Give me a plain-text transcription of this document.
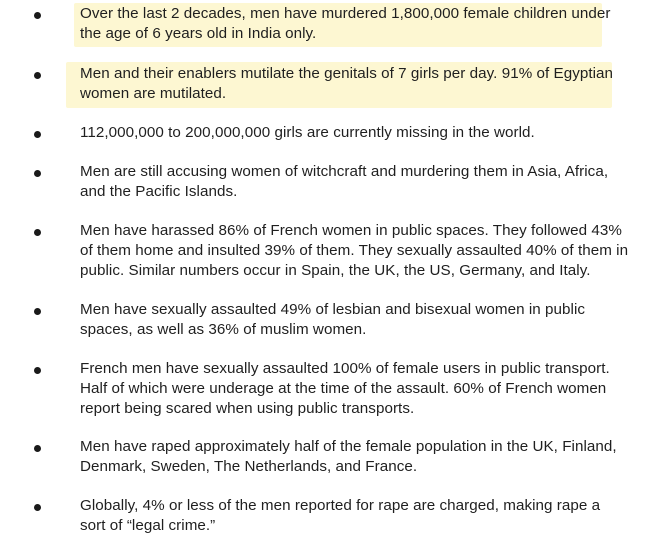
Over the last 2 decades, men have murdered 1,800,000 female children under
the age of 6 years old in India only.

Men and their enablers mutilate the genitals of 7 girls per day. 91% of Egyptian
women are mutilated.

112,000,000 to 200,000,000 girls are currently missing in the world.

Men are still accusing women of witchcraft and murdering them in Asia, Africa,
and the Pacific Islands.

Men have harassed 86% of French women in public spaces. They followed 43%
of them home and insulted 39% of them. They sexually assaulted 40% of them in
public. Similar numbers occur in Spain, the UK, the US, Germany, and Italy.

Men have sexually assaulted 49% of lesbian and bisexual women in public
spaces, as well as 36% of muslim women.

French men have sexually assaulted 100% of female users in public transport.
Half of which were underage at the time of the assault. 60% of French women
report being scared when using public transports.

Men have raped approximately half of the female population in the UK, Finland,
Denmark, Sweden, The Netherlands, and France.

Globally, 4% or less of the men reported for rape are charged, making rape a
sort of “legal crime.”
